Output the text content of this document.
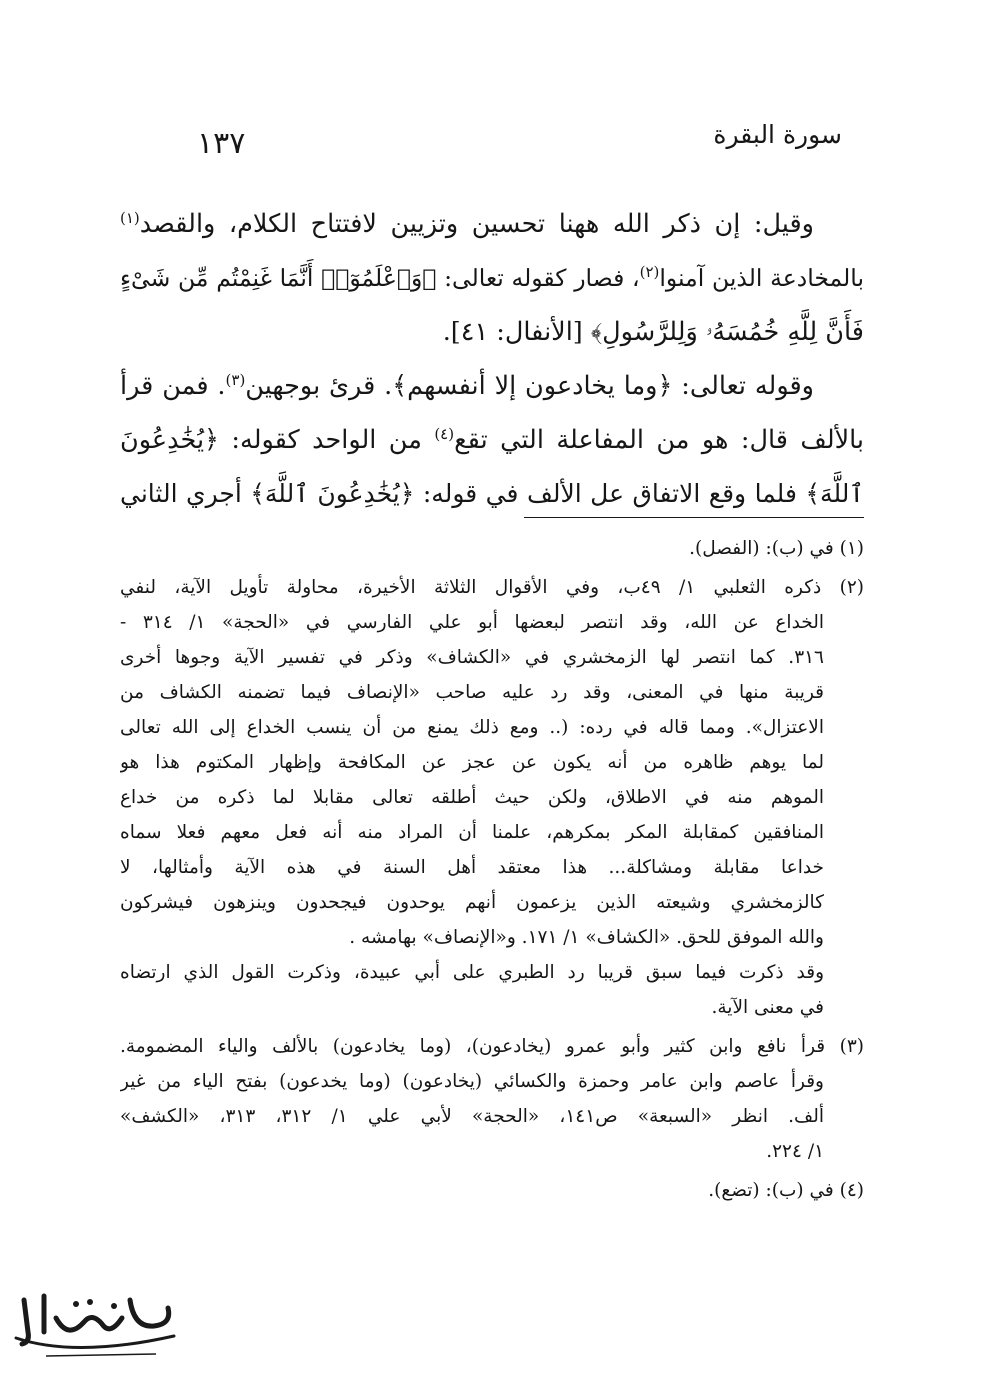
سورة البقرة
١٣٧
وقيل: إن ذكر الله ههنا تحسين وتزيين لافتتاح الكلام، والقصد$^{(١)}$
بالمخادعة الذين آمنوا$^{(٢)}$، فصار كقوله تعالى: ﴿وَٱعْلَمُوٓا۟ أَنَّمَا غَنِمْتُم مِّن شَىْءٍ
فَأَنَّ لِلَّهِ خُمُسَهُۥ وَلِلرَّسُولِ﴾ [الأنفال: ٤١].
وقوله تعالى: ﴿وما يخادعون إلا أنفسهم﴾. قرئ بوجهين$^{(٣)}$. فمن قرأ
بالألف قال: هو من المفاعلة التي تقع$^{(٤)}$ من الواحد كقوله: ﴿يُخَٰدِعُونَ
ٱللَّهَ﴾ فلما وقع الاتفاق عل الألف في قوله: ﴿يُخَٰدِعُونَ ٱللَّهَ﴾ أجري الثاني
(١) في (ب): (الفصل).
(٢) ذكره الثعلبي ١/ ٤٩ب، وفي الأقوال الثلاثة الأخيرة، محاولة تأويل الآية، لنفي
الخداع عن الله، وقد انتصر لبعضها أبو علي الفارسي في «الحجة» ١/ ٣١٤ -
٣١٦. كما انتصر لها الزمخشري في «الكشاف» وذكر في تفسير الآية وجوها أخرى
قريبة منها في المعنى، وقد رد عليه صاحب «الإنصاف فيما تضمنه الكشاف من
الاعتزال». ومما قاله في رده: (.. ومع ذلك يمنع من أن ينسب الخداع إلى الله تعالى
لما يوهم ظاهره من أنه يكون عن عجز عن المكافحة وإظهار المكتوم هذا هو
الموهم منه في الاطلاق، ولكن حيث أطلقه تعالى مقابلا لما ذكره من خداع
المنافقين كمقابلة المكر بمكرهم، علمنا أن المراد منه أنه فعل معهم فعلا سماه
خداعا مقابلة ومشاكلة... هذا معتقد أهل السنة في هذه الآية وأمثالها، لا
كالزمخشري وشيعته الذين يزعمون أنهم يوحدون فيجحدون وينزهون فيشركون
والله الموفق للحق. «الكشاف» ١/ ١٧١. و«الإنصاف» بهامشه .
وقد ذكرت فيما سبق قريبا رد الطبري على أبي عبيدة، وذكرت القول الذي ارتضاه
في معنى الآية.
(٣) قرأ نافع وابن كثير وأبو عمرو (يخادعون)، (وما يخادعون) بالألف والياء المضمومة.
وقرأ عاصم وابن عامر وحمزة والكسائي (يخادعون) (وما يخدعون) بفتح الياء من غير
ألف. انظر «السبعة» ص١٤١، «الحجة» لأبي علي ١/ ٣١٢، ٣١٣، «الكشف»
١/ ٢٢٤.
(٤) في (ب): (تضع).
